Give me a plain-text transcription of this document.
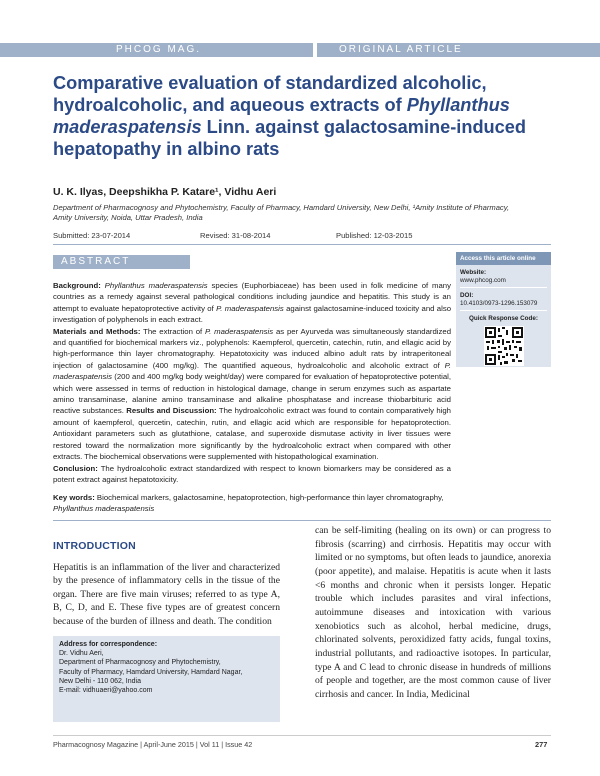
PHCOG MAG.	ORIGINAL ARTICLE
Comparative evaluation of standardized alcoholic, hydroalcoholic, and aqueous extracts of Phyllanthus maderaspatensis Linn. against galactosamine-induced hepatopathy in albino rats
U. K. Ilyas, Deepshikha P. Katare¹, Vidhu Aeri
Department of Pharmacognosy and Phytochemistry, Faculty of Pharmacy, Hamdard University, New Delhi, ¹Amity Institute of Pharmacy,
Amity University, Noida, Uttar Pradesh, India
Submitted: 23-07-2014	Revised: 31-08-2014	Published: 12-03-2015
ABSTRACT
Background: Phyllanthus maderaspatensis species (Euphorbiaceae) has been used in folk medicine of many countries as a remedy against several pathological conditions including jaundice and hepatitis. This study is an attempt to evaluate hepatoprotective activity of P. maderaspatensis against galactosamine-induced toxicity and also investigation of polyphenols in each extract.
Materials and Methods: The extraction of P. maderaspatensis as per Ayurveda was simultaneously standardized and quantified for biochemical markers viz., polyphenols: Kaempferol, quercetin, catechin, rutin, and ellagic acid by high-performance thin layer chromatography. Hepatotoxicity was induced albino adult rats by intraperitoneal injection of galactosamine (400 mg/kg). The quantified aqueous, hydroalcoholic and alcoholic extract of P. maderaspatensis (200 and 400 mg/kg body weight/day) were compared for evaluation of hepatoprotective potential, which were assessed in terms of reduction in histological damage, change in serum enzymes such as aspartate amino transaminase, alanine amino transaminase and alkaline phosphatase and increase thiobarbituric acid reactive substances. Results and Discussion: The hydroalcoholic extract was found to contain comparatively high amount of kaempferol, quercetin, catechin, rutin, and ellagic acid which are responsible for hepatoprotection. Antioxidant parameters such as glutathione, catalase, and superoxide dismutase activity in liver tissues were restored toward the normalization more significantly by the hydroalcoholic extract when compared with other extracts. The biochemical observations were supplemented with histopathological examination.
Conclusion: The hydroalcoholic extract standardized with respect to known biomarkers may be considered as a potent extract against hepatotoxicity.
Access this article online
Website:
www.phcog.com
DOI:
10.4103/0973-1296.153079
Quick Response Code:
Key words: Biochemical markers, galactosamine, hepatoprotection, high-performance thin layer chromatography, Phyllanthus maderaspatensis
INTRODUCTION
Hepatitis is an inflammation of the liver and characterized by the presence of inflammatory cells in the tissue of the organ. There are five main viruses; referred to as type A, B, C, D, and E. These five types are of greatest concern because of the burden of illness and death. The condition
can be self-limiting (healing on its own) or can progress to fibrosis (scarring) and cirrhosis. Hepatitis may occur with limited or no symptoms, but often leads to jaundice, anorexia (poor appetite), and malaise. Hepatitis is acute when it lasts <6 months and chronic when it persists longer. Hepatic trouble which includes parasites and viral infections, autoimmune diseases and intoxication with various xenobiotics such as alcohol, herbal medicine, drugs, chlorinated solvents, peroxidized fatty acids, fungal toxins, industrial pollutants, and radioactive isotopes. In particular, type A and C lead to chronic disease in hundreds of millions of people and together, are the most common cause of liver cirrhosis and cancer. In India, Medicinal
Address for correspondence:
Dr. Vidhu Aeri,
Department of Pharmacognosy and Phytochemistry,
Faculty of Pharmacy, Hamdard University, Hamdard Nagar,
New Delhi - 110 062, India
E-mail: vidhuaeri@yahoo.com
Pharmacognosy Magazine | April-June 2015 | Vol 11 | Issue 42	277
